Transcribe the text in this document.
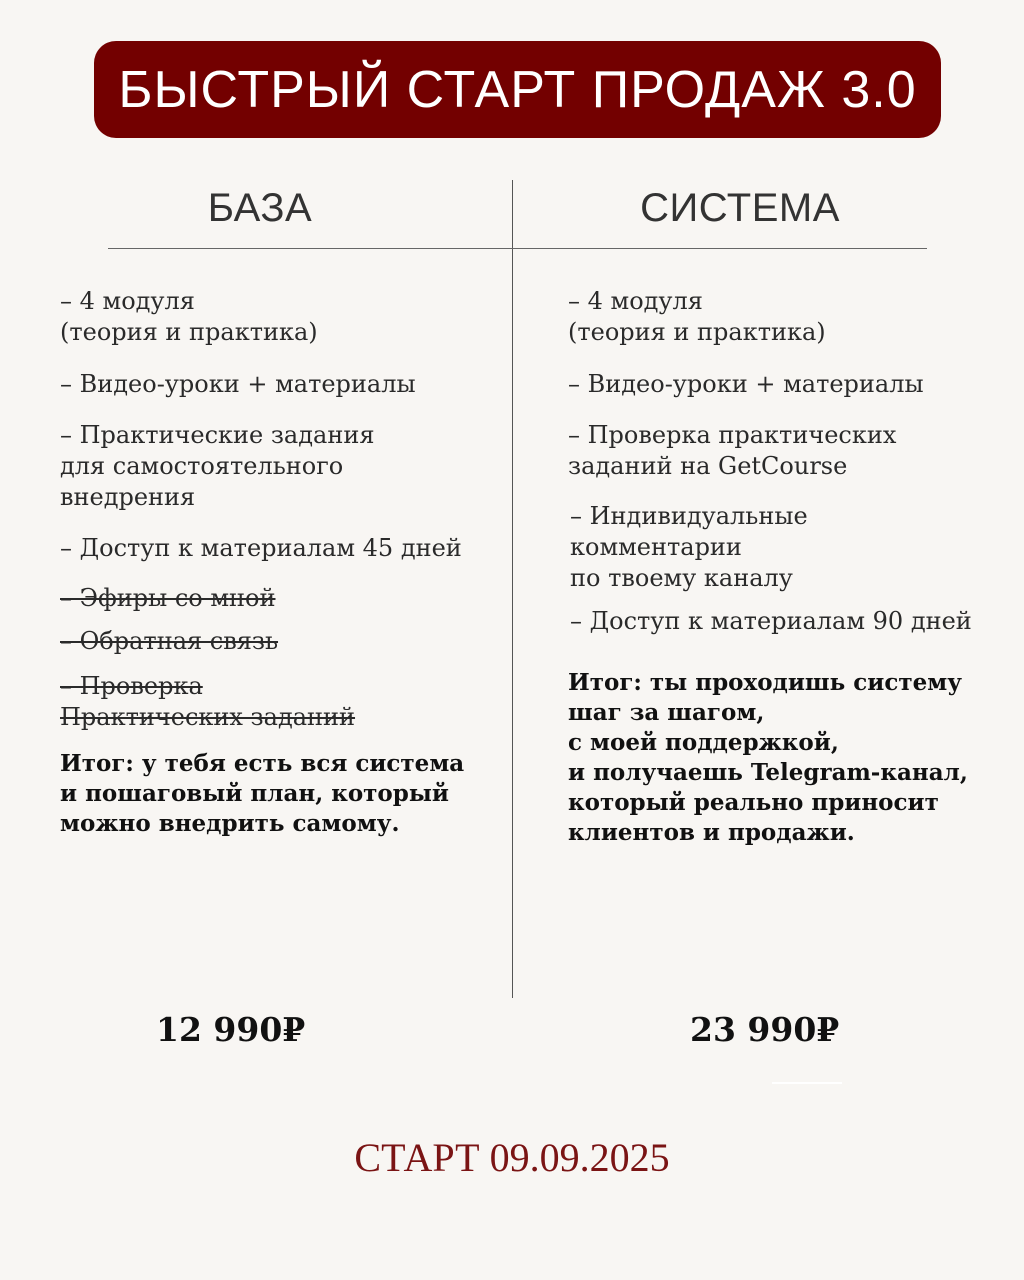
БЫСТРЫЙ СТАРТ ПРОДАЖ 3.0
БАЗА	СИСТЕМА
– 4 модуля
(теория и практика)
– Видео-уроки + материалы
– Практические задания
для самостоятельного
внедрения
– Доступ к материалам 45 дней
– Эфиры со мной
– Обратная связь
– Проверка
Практических заданий
Итог: у тебя есть вся система
и пошаговый план, который
можно внедрить самому.
– 4 модуля
(теория и практика)
– Видео-уроки + материалы
– Проверка практических
заданий на GetCourse
– Индивидуальные
комментарии
по твоему каналу
– Доступ к материалам 90 дней
Итог: ты проходишь систему
шаг за шагом,
с моей поддержкой,
и получаешь Telegram-канал,
который реально приносит
клиентов и продажи.
12 990₽	23 990₽
СТАРТ 09.09.2025
